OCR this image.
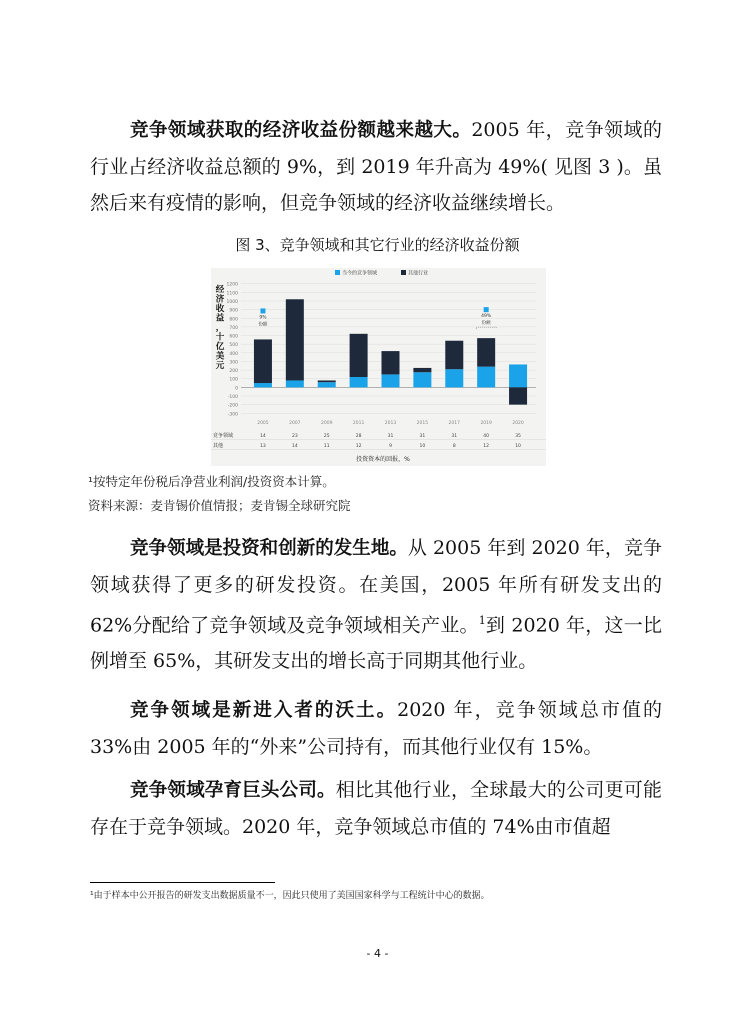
竞争领域获取的经济收益份额越来越大。2005 年，竞争领域的行业占经济收益总额的 9%，到 2019 年升高为 49%( 见图 3 )。虽然后来有疫情的影响，但竞争领域的经济收益继续增长。

图 3、竞争领域和其它行业的经济收益份额

-300
-200
-100
0
100
200
300
400
500
600
700
800
900
1000
1100
1200
经
济
收
益
，
十
亿
美
元
当今的竞争领域	其他行业
2005
9%
份额
14
13
2007
23
14
2009
25
11
2011
28
12
2013
31
9
2015
31
10
2017
31
8
2019
49%
份额
40
12
2020
35
10
竞争领域
其他
投资资本的回报，%

¹按特定年份税后净营业利润/投资资本计算。

资料来源：麦肯锡价值情报；麦肯锡全球研究院

竞争领域是投资和创新的发生地。从 2005 年到 2020 年，竞争领域获得了更多的研发投资。在美国，2005 年所有研发支出的 62%分配给了竞争领域及竞争领域相关产业。$^1$到 2020 年，这一比例增至 65%，其研发支出的增长高于同期其他行业。

竞争领域是新进入者的沃土。2020 年，竞争领域总市值的 33%由 2005 年的“外来”公司持有，而其他行业仅有 15%。

竞争领域孕育巨头公司。相比其他行业，全球最大的公司更可能存在于竞争领域。2020 年，竞争领域总市值的 74%由市值超

¹由于样本中公开报告的研发支出数据质量不一，因此只使用了美国国家科学与工程统计中心的数据。

- 4 -
